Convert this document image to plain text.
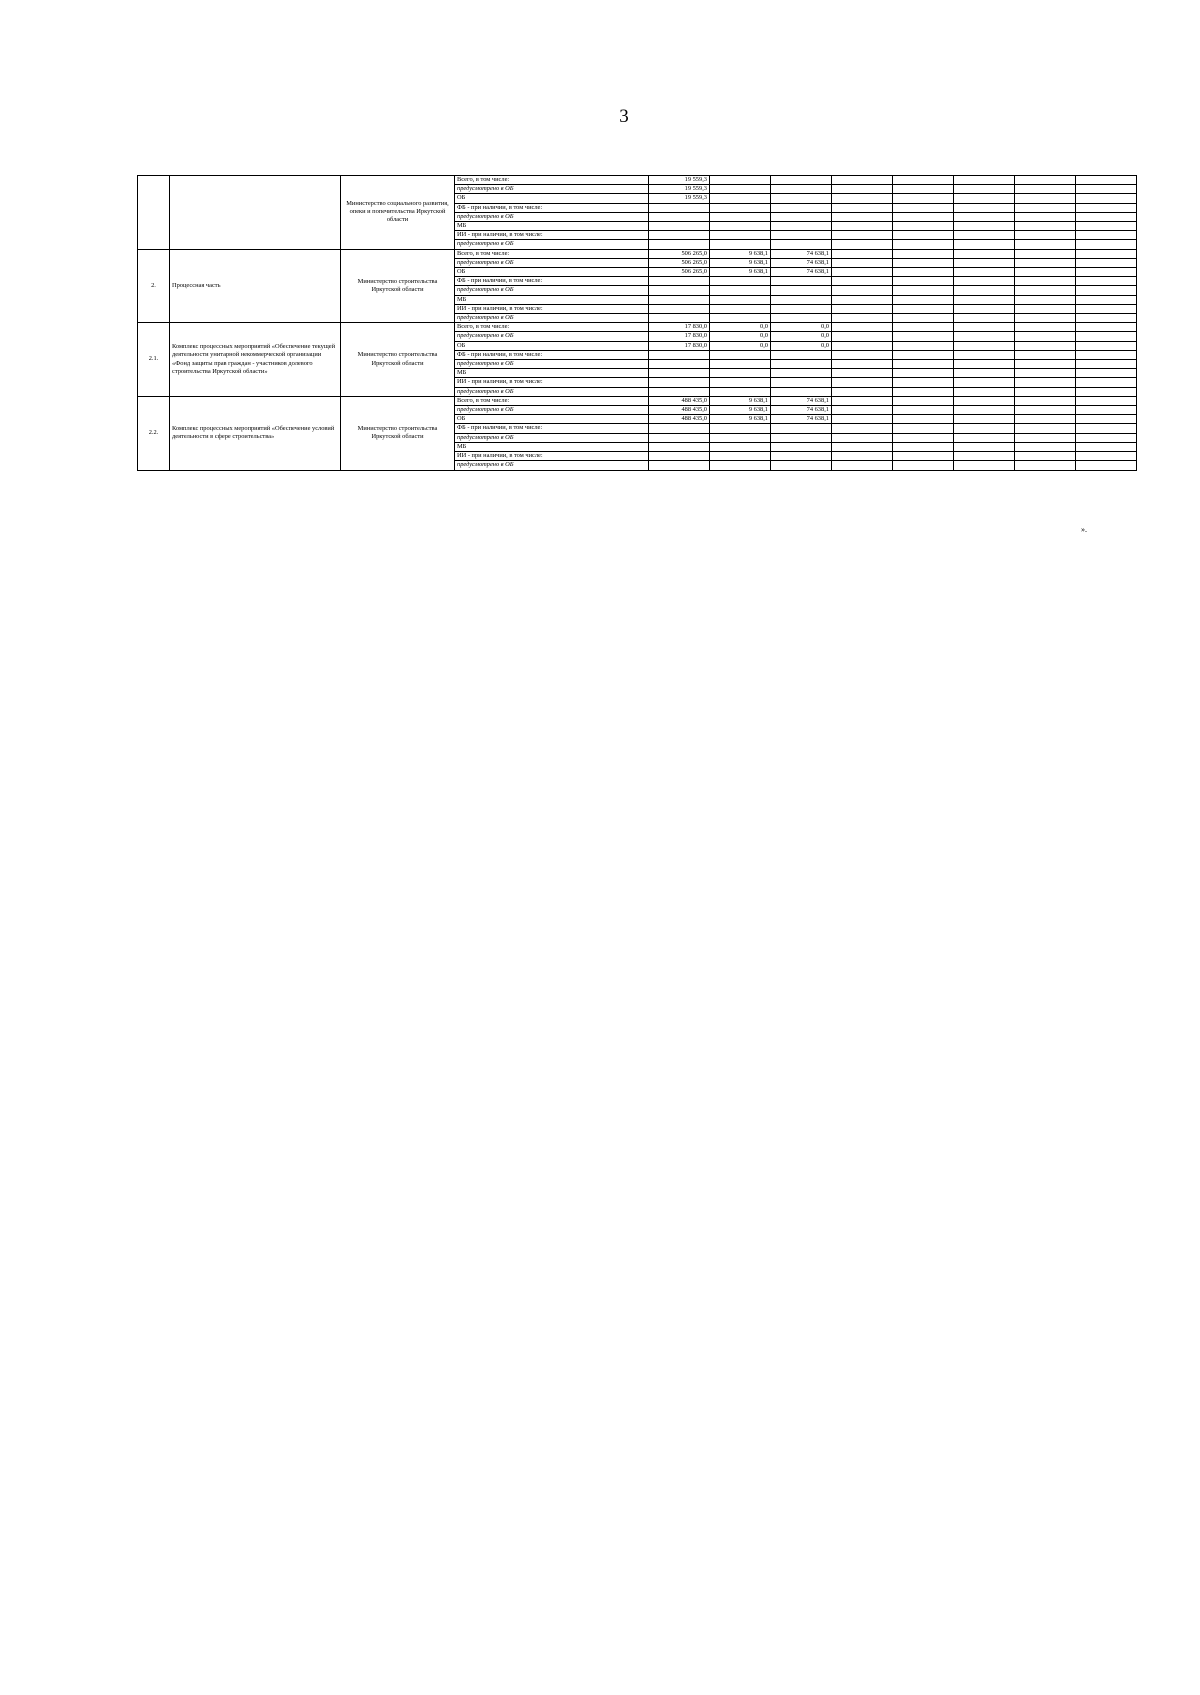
3
		Министерство социального развития, опеки и попечительства Иркутской области	Всего, в том числе:	19 559,3							
			предусмотрено в ОБ	19 559,3							
			ОБ	19 559,3							
			ФБ - при наличии, в том числе:								
			предусмотрено в ОБ								
			МБ								
			ИИ - при наличии, в том числе:								
			предусмотрено в ОБ								
2.	Процессная часть	Министерство строительства Иркутской области	Всего, в том числе:	506 265,0	9 638,1	74 638,1					
			предусмотрено в ОБ	506 265,0	9 638,1	74 638,1					
			ОБ	506 265,0	9 638,1	74 638,1					
			ФБ - при наличии, в том числе:								
			предусмотрено в ОБ								
			МБ								
			ИИ - при наличии, в том числе:								
			предусмотрено в ОБ								
2.1.	Комплекс процессных мероприятий «Обеспечение текущей деятельности унитарной некоммерческой организации «Фонд защиты прав граждан - участников долевого строительства Иркутской области»	Министерство строительства Иркутской области	Всего, в том числе:	17 830,0	0,0	0,0					
			предусмотрено в ОБ	17 830,0	0,0	0,0					
			ОБ	17 830,0	0,0	0,0					
			ФБ - при наличии, в том числе:								
			предусмотрено в ОБ								
			МБ								
			ИИ - при наличии, в том числе:								
			предусмотрено в ОБ								
2.2.	Комплекс процессных мероприятий «Обеспечение условий деятельности в сфере строительства»	Министерство строительства Иркутской области	Всего, в том числе:	488 435,0	9 638,1	74 638,1					
			предусмотрено в ОБ	488 435,0	9 638,1	74 638,1					
			ОБ	488 435,0	9 638,1	74 638,1					
			ФБ - при наличии, в том числе:								
			предусмотрено в ОБ								
			МБ								
			ИИ - при наличии, в том числе:								
			предусмотрено в ОБ								
».
